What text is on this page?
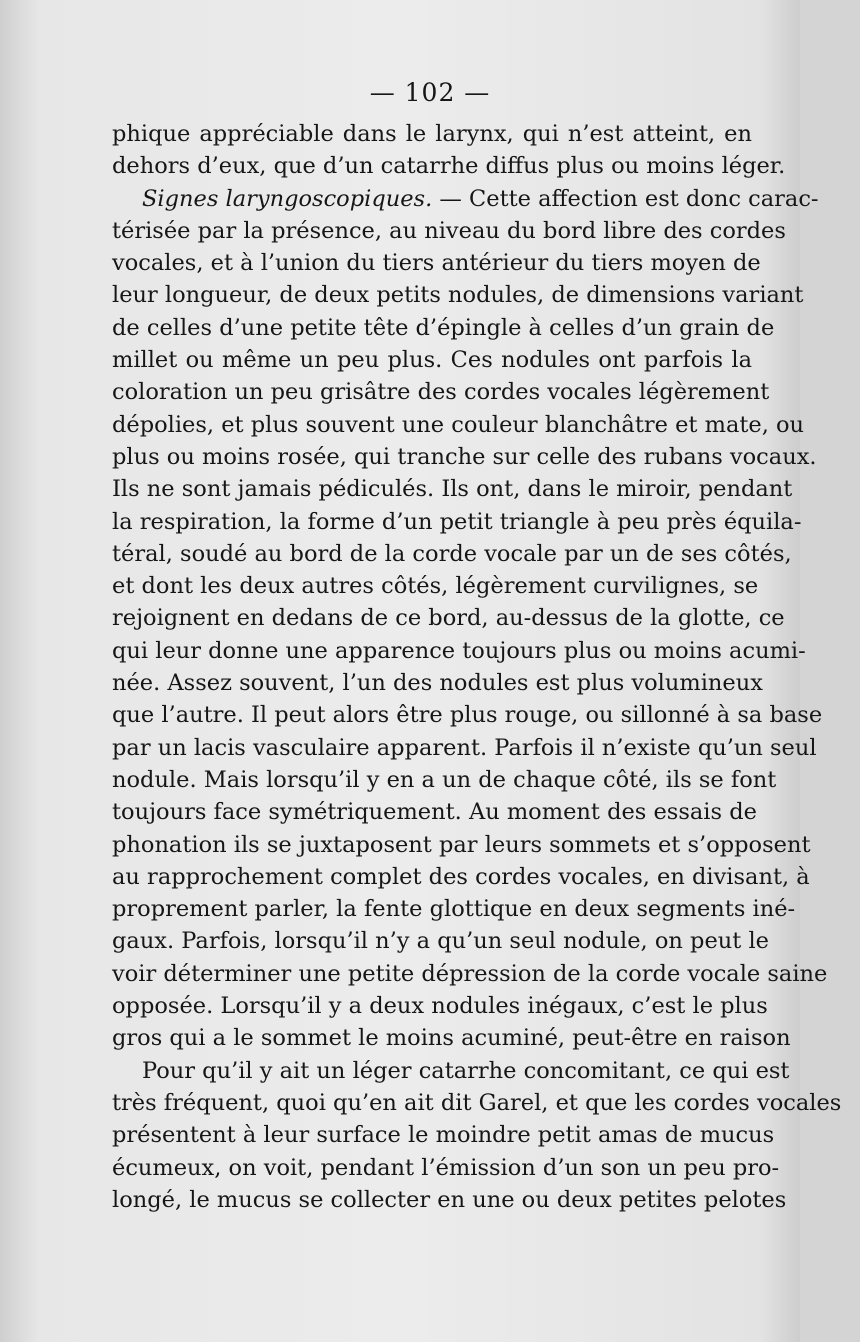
— 102 —
phique appréciable dans le larynx, qui n’est atteint, en
dehors d’eux, que d’un catarrhe diffus plus ou moins léger.
Signes laryngoscopiques. — Cette affection est donc carac-
térisée par la présence, au niveau du bord libre des cordes
vocales, et à l’union du tiers antérieur du tiers moyen de
leur longueur, de deux petits nodules, de dimensions variant
de celles d’une petite tête d’épingle à celles d’un grain de
millet ou même un peu plus. Ces nodules ont parfois la
coloration un peu grisâtre des cordes vocales légèrement
dépolies, et plus souvent une couleur blanchâtre et mate, ou
plus ou moins rosée, qui tranche sur celle des rubans vocaux.
Ils ne sont jamais pédiculés. Ils ont, dans le miroir, pendant
la respiration, la forme d’un petit triangle à peu près équila-
téral, soudé au bord de la corde vocale par un de ses côtés,
et dont les deux autres côtés, légèrement curvilignes, se
rejoignent en dedans de ce bord, au-dessus de la glotte, ce
qui leur donne une apparence toujours plus ou moins acumi-
née. Assez souvent, l’un des nodules est plus volumineux
que l’autre. Il peut alors être plus rouge, ou sillonné à sa base
par un lacis vasculaire apparent. Parfois il n’existe qu’un seul
nodule. Mais lorsqu’il y en a un de chaque côté, ils se font
toujours face symétriquement. Au moment des essais de
phonation ils se juxtaposent par leurs sommets et s’opposent
au rapprochement complet des cordes vocales, en divisant, à
proprement parler, la fente glottique en deux segments iné-
gaux. Parfois, lorsqu’il n’y a qu’un seul nodule, on peut le
voir déterminer une petite dépression de la corde vocale saine
opposée. Lorsqu’il y a deux nodules inégaux, c’est le plus
gros qui a le sommet le moins acuminé, peut-être en raison
Pour qu’il y ait un léger catarrhe concomitant, ce qui est
très fréquent, quoi qu’en ait dit Garel, et que les cordes vocales
présentent à leur surface le moindre petit amas de mucus
écumeux, on voit, pendant l’émission d’un son un peu pro-
longé, le mucus se collecter en une ou deux petites pelotes
